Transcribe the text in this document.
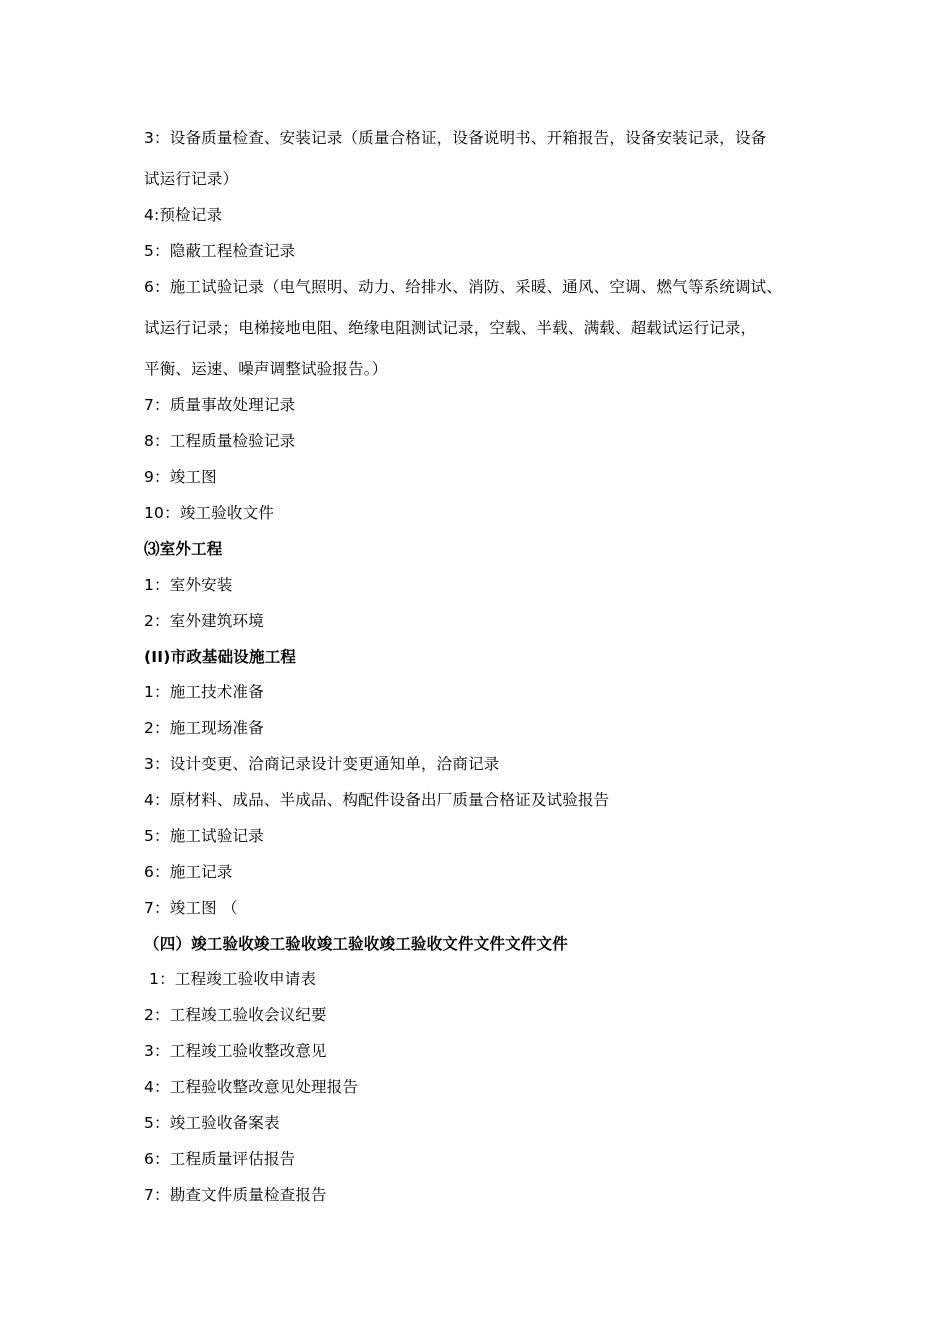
3：设备质量检查、安装记录（质量合格证，设备说明书、开箱报告，设备安装记录，设备
试运行记录）
4:预检记录
5：隐蔽工程检查记录
6：施工试验记录（电气照明、动力、给排水、消防、采暖、通风、空调、燃气等系统调试、
试运行记录；电梯接地电阻、绝缘电阻测试记录，空载、半载、满载、超载试运行记录，
平衡、运速、噪声调整试验报告。）
7：质量事故处理记录
8：工程质量检验记录
9：竣工图
10：竣工验收文件
⑶室外工程
1：室外安装
2：室外建筑环境
(II)市政基础设施工程
1：施工技术准备
2：施工现场准备
3：设计变更、洽商记录设计变更通知单，洽商记录
4：原材料、成品、半成品、构配件设备出厂质量合格证及试验报告
5：施工试验记录
6：施工记录
7：竣工图 （
（四）竣工验收竣工验收竣工验收竣工验收文件文件文件文件
1：工程竣工验收申请表
2：工程竣工验收会议纪要
3：工程竣工验收整改意见
4：工程验收整改意见处理报告
5：竣工验收备案表
6：工程质量评估报告
7：勘查文件质量检查报告
